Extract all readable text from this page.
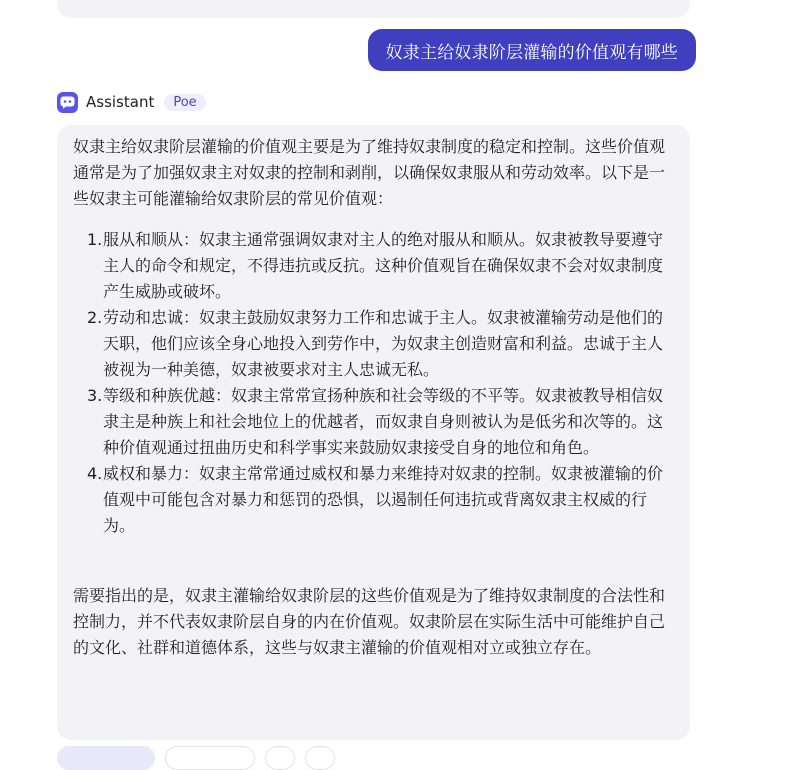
奴隶主给奴隶阶层灌输的价值观有哪些
Assistant	Poe

奴隶主给奴隶阶层灌输的价值观主要是为了维持奴隶制度的稳定和控制。这些价值观通常是为了加强奴隶主对奴隶的控制和剥削，以确保奴隶服从和劳动效率。以下是一些奴隶主可能灌输给奴隶阶层的常见价值观：

1. 服从和顺从：奴隶主通常强调奴隶对主人的绝对服从和顺从。奴隶被教导要遵守主人的命令和规定，不得违抗或反抗。这种价值观旨在确保奴隶不会对奴隶制度产生威胁或破坏。
2. 劳动和忠诚：奴隶主鼓励奴隶努力工作和忠诚于主人。奴隶被灌输劳动是他们的天职，他们应该全身心地投入到劳作中，为奴隶主创造财富和利益。忠诚于主人被视为一种美德，奴隶被要求对主人忠诚无私。
3. 等级和种族优越：奴隶主常常宣扬种族和社会等级的不平等。奴隶被教导相信奴隶主是种族上和社会地位上的优越者，而奴隶自身则被认为是低劣和次等的。这种价值观通过扭曲历史和科学事实来鼓励奴隶接受自身的地位和角色。
4. 威权和暴力：奴隶主常常通过威权和暴力来维持对奴隶的控制。奴隶被灌输的价值观中可能包含对暴力和惩罚的恐惧，以遏制任何违抗或背离奴隶主权威的行为。

需要指出的是，奴隶主灌输给奴隶阶层的这些价值观是为了维持奴隶制度的合法性和控制力，并不代表奴隶阶层自身的内在价值观。奴隶阶层在实际生活中可能维护自己的文化、社群和道德体系，这些与奴隶主灌输的价值观相对立或独立存在。
